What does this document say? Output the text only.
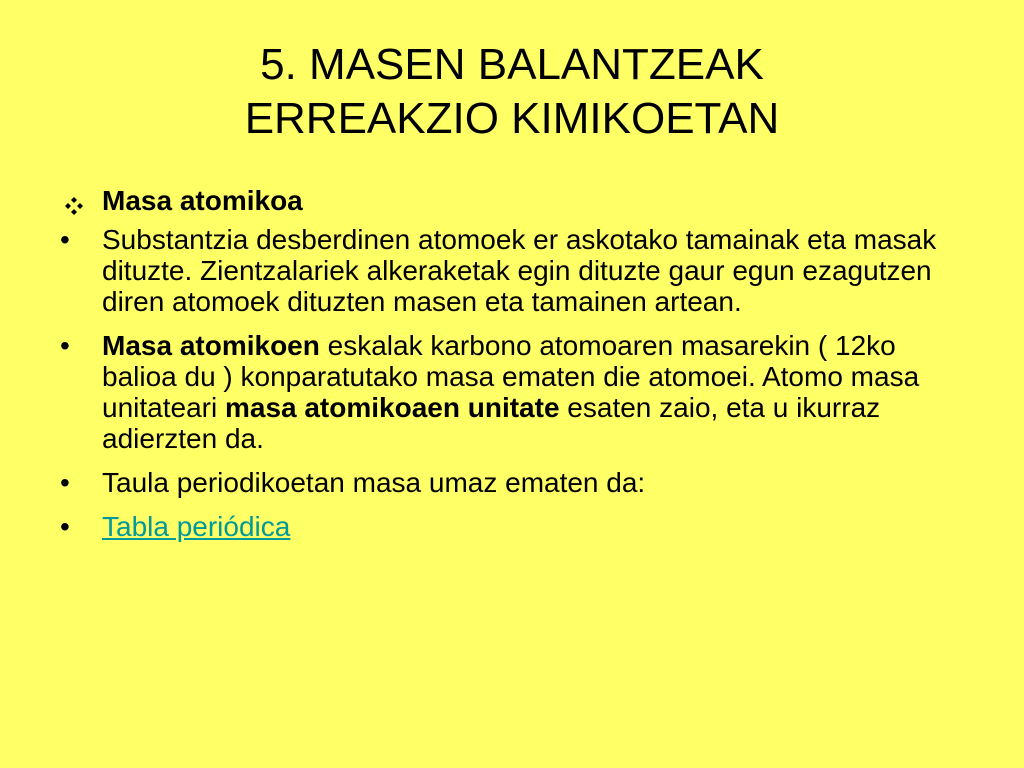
5. MASEN BALANTZEAK
ERREAKZIO KIMIKOETAN
Masa atomikoa
•	Substantzia desberdinen atomoek er askotako tamainak eta masak dituzte. Zientzalariek alkeraketak egin dituzte gaur egun ezagutzen diren atomoek dituzten masen eta tamainen artean.
•	Masa atomikoen eskalak karbono atomoaren masarekin ( 12ko balioa du ) konparatutako masa ematen die atomoei. Atomo masa unitateari masa atomikoaen unitate esaten zaio, eta u ikurraz adierzten da.
•	Taula periodikoetan masa umaz ematen da:
•	Tabla periódica
